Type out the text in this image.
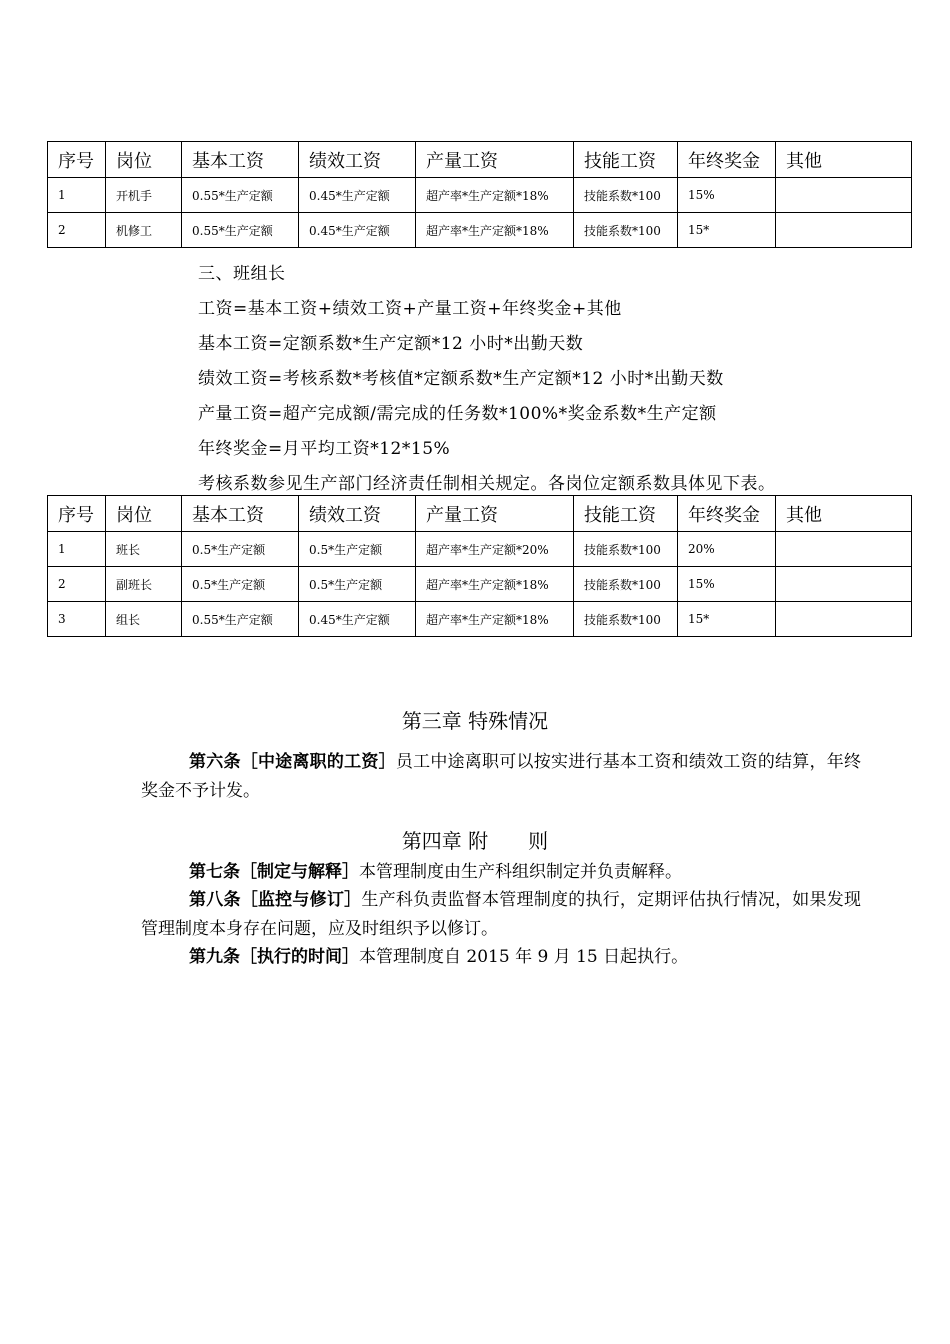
序号	岗位	基本工资	绩效工资	产量工资	技能工资	年终奖金	其他
1	开机手	0.55*生产定额	0.45*生产定额	超产率*生产定额*18%	技能系数*100	15%	
2	机修工	0.55*生产定额	0.45*生产定额	超产率*生产定额*18%	技能系数*100	15*	
三、班组长
工资=基本工资+绩效工资+产量工资+年终奖金+其他
基本工资=定额系数*生产定额*12 小时*出勤天数
绩效工资=考核系数*考核值*定额系数*生产定额*12 小时*出勤天数
产量工资=超产完成额/需完成的任务数*100%*奖金系数*生产定额
年终奖金=月平均工资*12*15%
考核系数参见生产部门经济责任制相关规定。各岗位定额系数具体见下表。
序号	岗位	基本工资	绩效工资	产量工资	技能工资	年终奖金	其他
1	班长	0.5*生产定额	0.5*生产定额	超产率*生产定额*20%	技能系数*100	20%	
2	副班长	0.5*生产定额	0.5*生产定额	超产率*生产定额*18%	技能系数*100	15%	
3	组长	0.55*生产定额	0.45*生产定额	超产率*生产定额*18%	技能系数*100	15*	
第三章 特殊情况
第六条［中途离职的工资］员工中途离职可以按实进行基本工资和绩效工资的结算，年终奖金不予计发。
第四章 附　　则
第七条［制定与解释］本管理制度由生产科组织制定并负责解释。
第八条［监控与修订］生产科负责监督本管理制度的执行，定期评估执行情况，如果发现管理制度本身存在问题，应及时组织予以修订。
第九条［执行的时间］本管理制度自 2015 年 9 月 15 日起执行。
